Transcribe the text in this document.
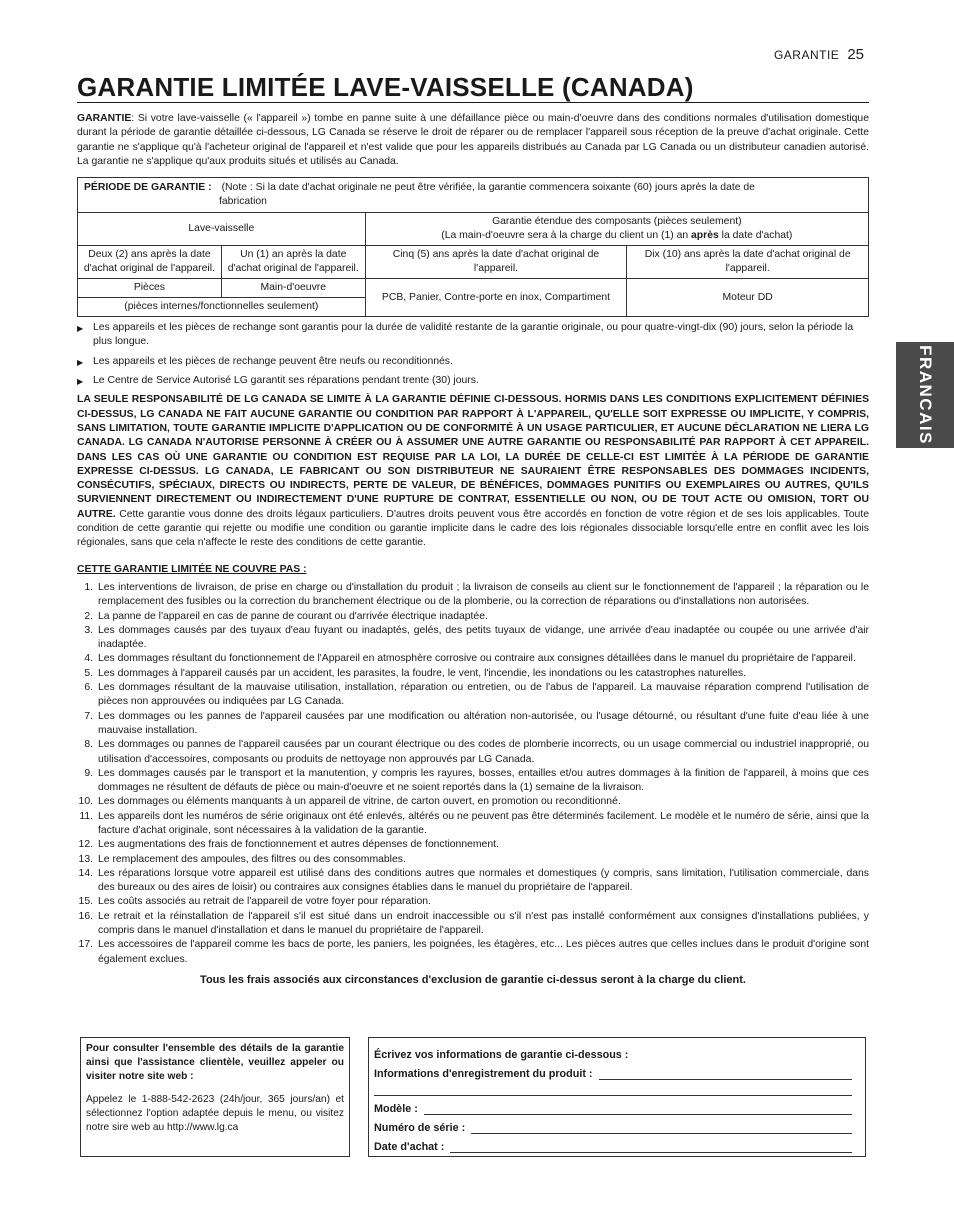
GARANTIE 25
GARANTIE LIMITÉE LAVE-VAISSELLE (CANADA)
FRANCAIS

GARANTIE: Si votre lave-vaisselle (« l'appareil ») tombe en panne suite à une défaillance pièce ou main-d'oeuvre dans des conditions normales d'utilisation domestique durant la période de garantie détaillée ci-dessous, LG Canada se réserve le droit de réparer ou de remplacer l'appareil sous réception de la preuve d'achat originale. Cette garantie ne s'applique qu'à l'acheteur original de l'appareil et n'est valide que pour les appareils distribués au Canada par LG Canada ou un distributeur canadien autorisé. La garantie ne s'applique qu'aux produits situés et utilisés au Canada.

PÉRIODE DE GARANTIE : (Note : Si la date d'achat originale ne peut être vérifiée, la garantie commencera soixante (60) jours après la date de
fabrication			

Lave-vaisselle		Garantie étendue des composants (pièces seulement)
(La main-d'oeuvre sera à la charge du client un (1) an après la date d'achat)	

Deux (2) ans après la date d'achat original de l'appareil.	Un (1) an après la date d'achat original de l'appareil.	Cinq (5) ans après la date d'achat original de l'appareil.	Dix (10) ans après la date d'achat original de l'appareil.
Pièces	Main-d'oeuvre	PCB, Panier, Contre-porte en inox, Compartiment	Moteur DD
(pièces internes/fonctionnelles seulement)			
▶ Les appareils et les pièces de rechange sont garantis pour la durée de validité restante de la garantie originale, ou pour quatre-vingt-dix (90) jours, selon la période la plus longue.
▶ Les appareils et les pièces de rechange peuvent être neufs ou reconditionnés.
▶ Le Centre de Service Autorisé LG garantit ses réparations pendant trente (30) jours.

LA SEULE RESPONSABILITÉ DE LG CANADA SE LIMITE À LA GARANTIE DÉFINIE CI-DESSOUS. HORMIS DANS LES CONDITIONS EXPLICITEMENT DÉFINIES CI-DESSUS, LG CANADA NE FAIT AUCUNE GARANTIE OU CONDITION PAR RAPPORT À L'APPAREIL, QU'ELLE SOIT EXPRESSE OU IMPLICITE, Y COMPRIS, SANS LIMITATION, TOUTE GARANTIE IMPLICITE D'APPLICATION OU DE CONFORMITÉ À UN USAGE PARTICULIER, ET AUCUNE DÉCLARATION NE LIERA LG CANADA. LG CANADA N'AUTORISE PERSONNE À CRÉER OU À ASSUMER UNE AUTRE GARANTIE OU RESPONSABILITÉ PAR RAPPORT À CET APPAREIL. DANS LES CAS OÙ UNE GARANTIE OU CONDITION EST REQUISE PAR LA LOI, LA DURÉE DE CELLE-CI EST LIMITÉE À LA PÉRIODE DE GARANTIE EXPRESSE CI-DESSUS. LG CANADA, LE FABRICANT OU SON DISTRIBUTEUR NE SAURAIENT ÊTRE RESPONSABLES DES DOMMAGES INCIDENTS, CONSÉCUTIFS, SPÉCIAUX, DIRECTS OU INDIRECTS, PERTE DE VALEUR, DE BÉNÉFICES, DOMMAGES PUNITIFS OU EXEMPLAIRES OU AUTRES, QU'ILS SURVIENNENT DIRECTEMENT OU INDIRECTEMENT D'UNE RUPTURE DE CONTRAT, ESSENTIELLE OU NON, OU DE TOUT ACTE OU OMISION, TORT OU AUTRE. Cette garantie vous donne des droits légaux particuliers. D'autres droits peuvent vous être accordés en fonction de votre région et de ses lois applicables. Toute condition de cette garantie qui rejette ou modifie une condition ou garantie implicite dans le cadre des lois régionales dissociable lorsqu'elle entre en conflit avec les lois régionales, sans que cela n'affecte le reste des conditions de cette garantie.

CETTE GARANTIE LIMITÉE NE COUVRE PAS :
1. Les interventions de livraison, de prise en charge ou d'installation du produit ; la livraison de conseils au client sur le fonctionnement de l'appareil ; la réparation ou le remplacement des fusibles ou la correction du branchement électrique ou de la plomberie, ou la correction de réparations ou d'installations non autorisées.
2. La panne de l'appareil en cas de panne de courant ou d'arrivée électrique inadaptée.
3. Les dommages causés par des tuyaux d'eau fuyant ou inadaptés, gelés, des petits tuyaux de vidange, une arrivée d'eau inadaptée ou coupée ou une arrivée d'air inadaptée.
4. Les dommages résultant du fonctionnement de l'Appareil en atmosphère corrosive ou contraire aux consignes détaillées dans le manuel du propriétaire de l'appareil.
5. Les dommages à l'appareil causés par un accident, les parasites, la foudre, le vent, l'incendie, les inondations ou les catastrophes naturelles.
6. Les dommages résultant de la mauvaise utilisation, installation, réparation ou entretien, ou de l'abus de l'appareil. La mauvaise réparation comprend l'utilisation de pièces non approuvées ou indiquées par LG Canada.
7. Les dommages ou les pannes de l'appareil causées par une modification ou altération non-autorisée, ou l'usage détourné, ou résultant d'une fuite d'eau liée à une mauvaise installation.
8. Les dommages ou pannes de l'appareil causées par un courant électrique ou des codes de plomberie incorrects, ou un usage commercial ou industriel inapproprié, ou utilisation d'accessoires, composants ou produits de nettoyage non approuvés par LG Canada.
9. Les dommages causés par le transport et la manutention, y compris les rayures, bosses, entailles et/ou autres dommages à la finition de l'appareil, à moins que ces dommages ne résultent de défauts de pièce ou main-d'oeuvre et ne soient reportés dans la (1) semaine de la livraison.
10. Les dommages ou éléments manquants à un appareil de vitrine, de carton ouvert, en promotion ou reconditionné.
11. Les appareils dont les numéros de série originaux ont été enlevés, altérés ou ne peuvent pas être déterminés facilement. Le modèle et le numéro de série, ainsi que la facture d'achat originale, sont nécessaires à la validation de la garantie.
12. Les augmentations des frais de fonctionnement et autres dépenses de fonctionnement.
13. Le remplacement des ampoules, des filtres ou des consommables.
14. Les réparations lorsque votre appareil est utilisé dans des conditions autres que normales et domestiques (y compris, sans limitation, l'utilisation commerciale, dans des bureaux ou des aires de loisir) ou contraires aux consignes établies dans le manuel du propriétaire de l'appareil.
15. Les coûts associés au retrait de l'appareil de votre foyer pour réparation.
16. Le retrait et la réinstallation de l'appareil s'il est situé dans un endroit inaccessible ou s'il n'est pas installé conformément aux consignes d'installations publiées, y compris dans le manuel d'installation et dans le manuel du propriétaire de l'appareil.
17. Les accessoires de l'appareil comme les bacs de porte, les paniers, les poignées, les étagères, etc... Les pièces autres que celles inclues dans le produit d'origine sont également exclues.
Tous les frais associés aux circonstances d'exclusion de garantie ci-dessus seront à la charge du client.
Pour consulter l'ensemble des détails de la garantie ainsi que l'assistance clientèle, veuillez appeler ou visiter notre site web :
Appelez le 1-888-542-2623 (24h/jour, 365 jours/an) et sélectionnez l'option adaptée depuis le menu, ou visitez notre sire web au http://www.lg.ca
Écrivez vos informations de garantie ci-dessous :
Informations d'enregistrement du produit :
Modèle :
Numéro de série :
Date d'achat :
